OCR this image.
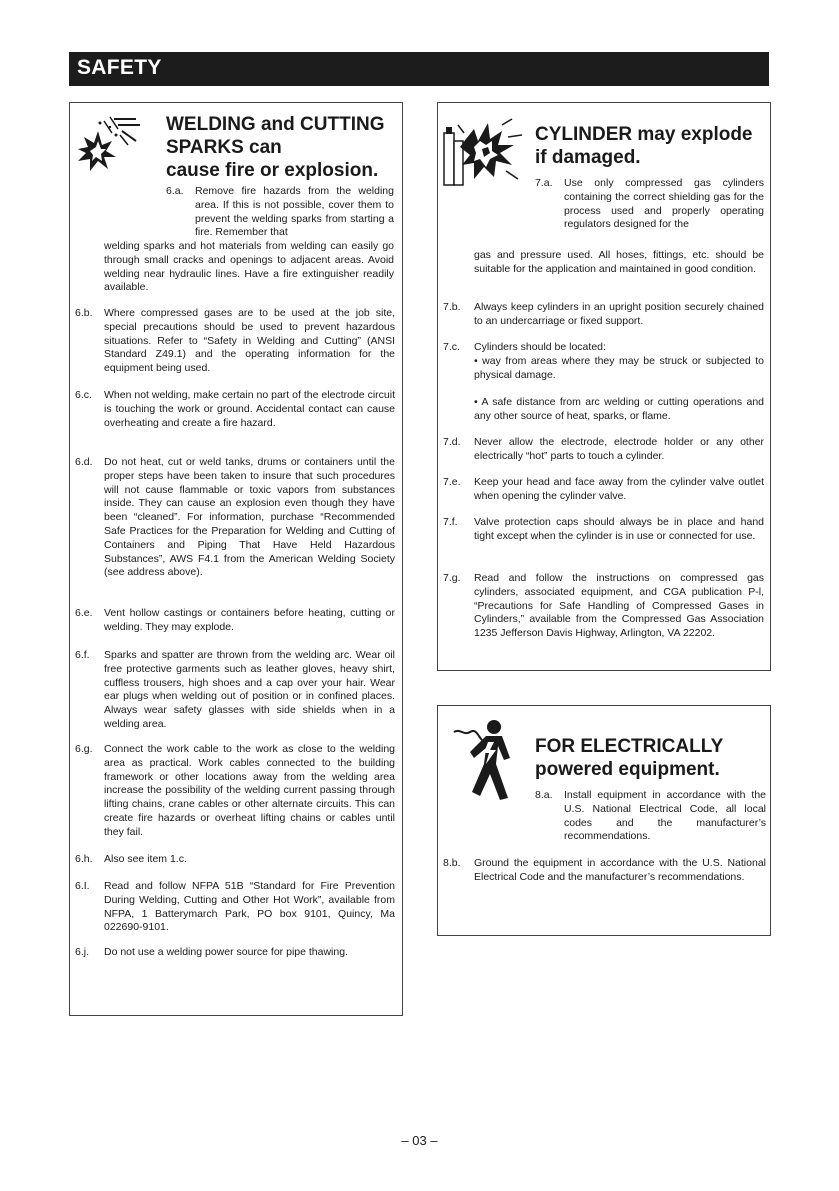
SAFETY
WELDING and CUTTING
SPARKS can
cause fire or explosion.
6.a. Remove fire hazards from the welding area. If this is not possible, cover them to prevent the welding sparks from starting a fire. Remember that

welding sparks and hot materials from welding can easily go through small cracks and openings to adjacent areas. Avoid welding near hydraulic lines. Have a fire extinguisher readily available.

6.b. Where compressed gases are to be used at the job site, special precautions should be used to prevent hazardous situations. Refer to “Safety in Welding and Cutting” (ANSI Standard Z49.1) and the operating information for the equipment being used.

6.c. When not welding, make certain no part of the electrode circuit is touching the work or ground. Accidental contact can cause overheating and create a fire hazard.

6.d. Do not heat, cut or weld tanks, drums or containers until the proper steps have been taken to insure that such procedures will not cause flammable or toxic vapors from substances inside. They can cause an explosion even though they have been “cleaned”. For information, purchase “Recommended Safe Practices for the Preparation for Welding and Cutting of Containers and Piping That Have Held Hazardous Substances”, AWS F4.1 from the American Welding Society (see address above).

6.e. Vent hollow castings or containers before heating, cutting or welding. They may explode.

6.f. Sparks and spatter are thrown from the welding arc. Wear oil free protective garments such as leather gloves, heavy shirt, cuffless trousers, high shoes and a cap over your hair. Wear ear plugs when welding out of position or in confined places. Always wear safety glasses with side shields when in a welding area.

6.g. Connect the work cable to the work as close to the welding area as practical. Work cables connected to the building framework or other locations away from the welding area increase the possibility of the welding current passing through lifting chains, crane cables or other alternate circuits. This can create fire hazards or overheat lifting chains or cables until they fail.

6.h. Also see item 1.c.

6.I. Read and follow NFPA 51B “Standard for Fire Prevention During Welding, Cutting and Other Hot Work”, available from NFPA, 1 Batterymarch Park, PO box 9101, Quincy, Ma 022690-9101.

6.j. Do not use a welding power source for pipe thawing.

CYLINDER may explode
if damaged.
7.a. Use only compressed gas cylinders containing the correct shielding gas for the process used and properly operating regulators designed for the

gas and pressure used. All hoses, fittings, etc. should be suitable for the application and maintained in good condition.

7.b. Always keep cylinders in an upright position securely chained to an undercarriage or fixed support.

7.c. Cylinders should be located:

• way from areas where they may be struck or subjected to physical damage.

• A safe distance from arc welding or cutting operations and any other source of heat, sparks, or flame.

7.d. Never allow the electrode, electrode holder or any other electrically “hot” parts to touch a cylinder.

7.e. Keep your head and face away from the cylinder valve outlet when opening the cylinder valve.

7.f. Valve protection caps should always be in place and hand tight except when the cylinder is in use or connected for use.

7.g. Read and follow the instructions on compressed gas cylinders, associated equipment, and CGA publication P-l, “Precautions for Safe Handling of Compressed Gases in Cylinders,” available from the Compressed Gas Association 1235 Jefferson Davis Highway, Arlington, VA 22202.

FOR ELECTRICALLY
powered equipment.
8.a. Install equipment in accordance with the U.S. National Electrical Code, all local codes and the manufacturer’s recommendations.

8.b. Ground the equipment in accordance with the U.S. National Electrical Code and the manufacturer’s recommendations.

– 03 –
